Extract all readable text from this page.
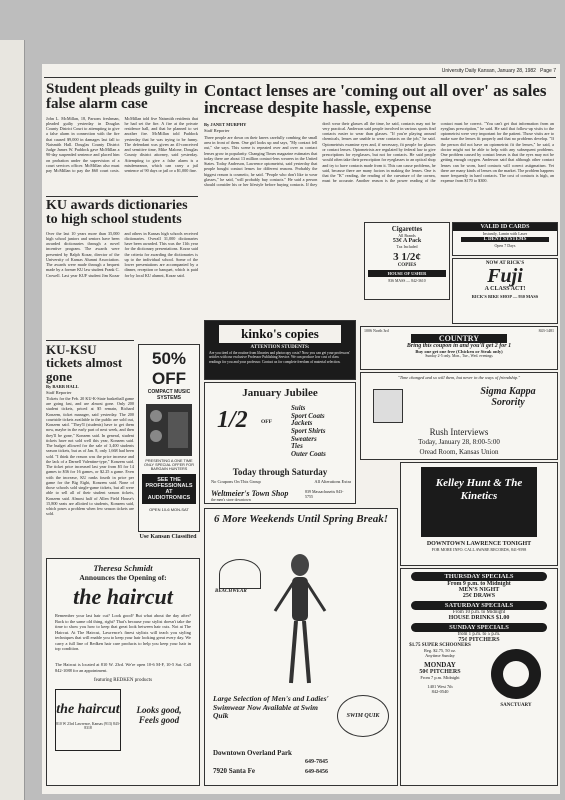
University Daily Kansan, January 28, 1982 Page 7
Student pleads guilty in false alarm case
John L. McMillan, 18, Parsons freshman, pleaded guilty yesterday in Douglas County District Court to attempting to give a false alarm in connection with the fire that caused $9,000 in damages last fall to Naismith Hall. Douglas County District Judge James W. Paddock gave McMillan a 90-day suspended sentence and placed him on probation under the supervision of a court services officer. McMillan also must pay McMillan to pay the $60 court costs. McMillan told five Naismith residents that he had set the fire. A fire at the private residence hall, and that he planned to set another fire. McMillan told Paddock yesterday that he was trying to be funny. The defendant was given an ill-conceived and sensitive time, Mike Malone, Douglas County district attorney, said yesterday. Attempting to give a false alarm is a misdemeanor, which can carry a jail sentence of 90 days or jail or a $1,000 fine.
KU awards dictionaries to high school students
Over the last 10 years more than 35,000 high school juniors and seniors have been awarded dictionaries through a novel incentive program. The awards were presented by Ralph Kozar, director of the University of Kansas Alumni Association. The awards were made through a bequest made by a former KU law student Frank C. Crowell. Last year KUF student Jim Kozar and others in Kansas high schools received dictionaries. Overall 31,000 dictionaries have been awarded. This was the 11th year for the dictionary presentations. Kozar said the criteria for awarding the dictionaries is up to the individual school. Some of the lower presentations are accompanied by a dinner, reception or banquet, which is paid for by local KU alumni, Kozar said.
KU-KSU tickets almost gone
By BARB HALL
Staff Reporter
Tickets for the Feb. 20 KU-K-State basketball game are going fast, and are almost gone. Only 200 student tickets, priced at $5 remain, Richard Konzem, ticket manager, said yesterday. The 200 courtside tickets available to the public are sold out, Konzem said. "They'll (students) have to get them now, maybe in the early part of next week, and then they'll be gone," Konzem said. In general, student tickets have not sold well this year, Konzem said. The budget allowed for the sale of 3,400 students season tickets, but as of Jan. 8, only 1,668 had been sold. "I think the reason was the price increase and the lack of a Darnell Valentine-type," Konzem said. The ticket price increased last year from $3 for 14 games to $36 for 16 games, or $2.25 a game. Even with the increase, KU ranks fourth in price per game for the Big Eight, Konzem said. None of those schools sold single-game tickets, but all were able to sell all of their student season tickets, Konzem said. Almost half of Allen Field House's 15,800 seats are allotted to students, Konzem said, which poses a problem when few season tickets are sold.
50% OFF
COMPACT MUSIC SYSTEMS
PRESENTING A ONE TIME ONLY SPECIAL OFFER FOR BARGAIN HUNTERS
SEE THE PROFESSIONALS AT AUDIOTRONICS
OPEN 10-6 MON-SAT
Use Kansan Classified
Theresa Schmidt
Announces the Opening of:
the haircut
Remember your last hair cut? Look good? But what about the day after? Back to the same old thing, right? That's because your stylist doesn't take the time to show you how to keep that great look between hair cuts. Not at The Haircut. At The Haircut, Lawrence's finest stylists will teach you styling techniques that will enable you to keep your hair looking great every day. We carry a full line of Redken hair care products to help you keep your hair in top condition.
The Haircut is located at 810 W. 23rd. We're open 10-6 M-F, 10-5 Sat. Call 842-1088 for an appointment.
featuring REDKEN products
the haircut
810 W 23rd Lawrence, Kansas (913) 843-8318
Looks good, Feels good
Contact lenses are 'coming out all over' as sales increase despite hassle, expense
By JANET MURPHY
Staff Reporter
Three people are down on their knees carefully combing the small area in front of them. One girl looks up and says, "My contact fell out," she says. This scene is repeated over and over as contact lenses grow in popularity. Changing Times magazine estimates that today there are about 13 million contact-lens wearers in the United States. Today Anderson, Lawrence optometrist, said yesterday that people bought contact lenses for different reasons. Probably the biggest reason is cosmetic, he said. "People who don't like to wear glasses," he said, "will probably buy contacts." He said a person should consider his or her lifestyle before buying contacts. If they don't wear their glasses all the time, he said, contacts may not be very practical. Anderson said people involved in various sports find contacts easier to wear than glasses. "If you're playing around chemicals, lenses are unable to wear contacts on the job," he said. Optometrists examine eyes and, if necessary, fit people for glasses or contact lenses. Optometrists are regulated by federal law to give prescriptions for eyeglasses, but not for contacts. He said people would often take their prescription for eyeglasses to an optical shop and try to have contacts made from it. This can cause problems, he said, because there are many factors in making the lenses. One is that the "K" reading, the reading of the curvature of the cornea, must be accurate. Another reason is the power reading of the contact must be correct. "You can't get that information from an eyeglass prescription," he said. He said that follow-up visits to the optometrist were very important for the patient. Those visits are to make sure the lenses fit properly and that no problems develop. "If the person did not have an optometrist fit the lenses," he said, a doctor might not be able to help with any subsequent problems. One problem caused by contact lenses is that the eyes may not be getting enough oxygen. Anderson said that although other contact lenses can be worn, hard contacts will correct astigmatism. Yet there are many kinds of lenses on the market. The problem happens more frequently in hard contacts. The cost of contacts is high, an expense from $170 to $300.
Cigarettes
All Brands
53¢ A Pack
Tax Included
3 1/2¢
COPIES
HOUSE OF USHER
836 MASS — 842-3610
VALID ID CARDS
Instantly, Lamin with Laser
I. DENT SYSTEMS
Open 7 Days
NOW AT RICK'S
Fuji
A CLASS ACT!
RICK'S BIKE SHOP — 930 MASS
kinko's copies
ATTENTION STUDENTS:
Are you tired of the routine from libraries and photocopy costs? Now you can get your professors' articles with our exclusive Professor Publishing Service. We can produce low cost of class readings for you and your professor. Contact us for complete freedom of material selection.
1006 North 3rd	843-1481
COUNTRY
Bring this coupon in and you'll get 2 for 1
Buy one get one free (Chicken or Steak only)
Sunday 2-5 only. Mon., Tue., Wed. evenings
January Jubilee
1/2 OFF
Suits
Sport Coats
Jackets
Sport Shirts
Sweaters
Ties
Outer Coats
Today through Saturday
No Coupons On This Group	All Alterations Extra
Weltmeier's Town Shop	839 Massachusetts 843-5755
the men's store downtown
"Time changed and so will them, but never in the ways of friendship."
Sigma Kappa Sorority
Rush Interviews
Today, January 28, 8:00-5:00
Oread Room, Kansas Union
Kelley Hunt & The Kinetics
DOWNTOWN LAWRENCE TONIGHT
FOR MORE INFO. CALL AWARE RECORDS, 841-9598
6 More Weekends Until Spring Break!
BEACHWEAR
Large Selection of Men's and Ladies' Swimwear Now Available at Swim Quik	SWIM QUIK
Downtown Overland Park
649-7845
7920 Santa Fe	649-8456
THURSDAY SPECIALS
From 9 p.m. to Midnight
MEN'S NIGHT
25¢ DRAWS
SATURDAY SPECIALS
From 10 p.m. to Midnight
HOUSE DRINKS $1.00
SUNDAY SPECIALS
from 1 p.m. to 5 p.m.
75¢ PITCHERS
$1.75 SUPER SCHOONERS
Reg. $2.75, 50 oz.
Anytime Sunday
MONDAY
50¢ PITCHERS
From 7 p.m. Midnight
1401 West 7th
842-0540
SANCTUARY
